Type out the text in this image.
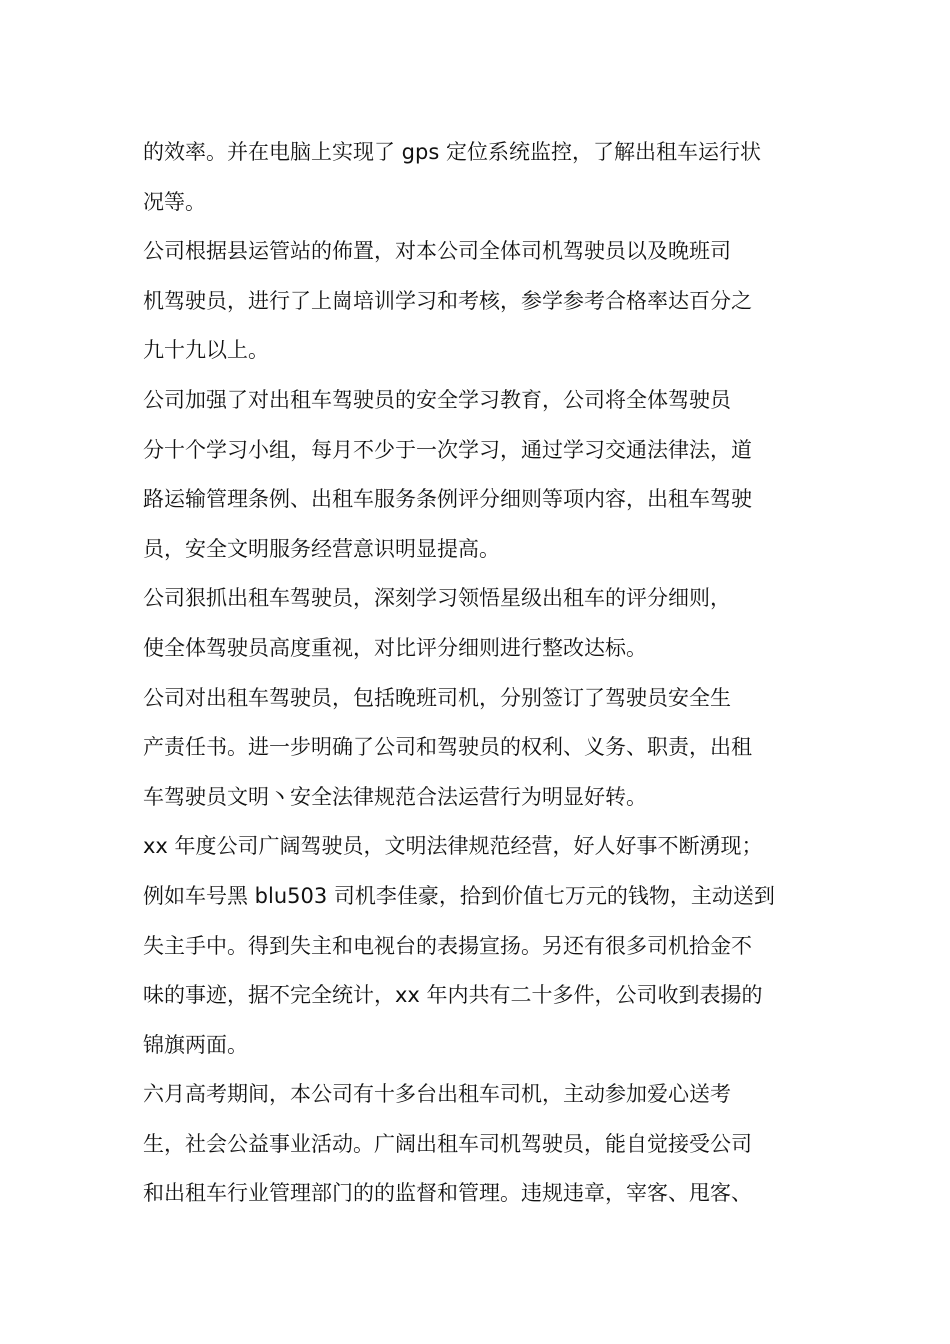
的效率。并在电脑上实现了 gps 定位系统监控，了解出租车运行状
况等。

公司根据县运管站的佈置，对本公司全体司机驾驶员以及晚班司
机驾驶员，进行了上崗培训学习和考核，参学参考合格率达百分之
九十九以上。

公司加强了对出租车驾驶员的安全学习教育，公司将全体驾驶员
分十个学习小组，每月不少于一次学习，通过学习交通法律法，道
路运输管理条例、出租车服务条例评分细则等项内容，出租车驾驶
员，安全文明服务经营意识明显提高。

公司狠抓出租车驾驶员，深刻学习领悟星级出租车的评分细则，
使全体驾驶员高度重视，对比评分细则进行整改达标。

公司对出租车驾驶员，包括晚班司机，分别签订了驾驶员安全生
产责任书。进一步明确了公司和驾驶员的权利、义务、职责，出租
车驾驶员文明丶安全法律规范合法运营行为明显好转。

xx 年度公司广阔驾驶员，文明法律规范经营，好人好事不断湧现；
例如车号黑 blu503 司机李佳豪，拾到价值七万元的钱物，主动送到
失主手中。得到失主和电视台的表揚宣扬。另还有很多司机拾金不
味的事迹，据不完全统计，xx 年内共有二十多件，公司收到表揚的
锦旗两面。

六月高考期间，本公司有十多台出租车司机，主动参加爱心送考
生，社会公益事业活动。广阔出租车司机驾驶员，能自觉接受公司
和出租车行业管理部门的的监督和管理。违规违章，宰客、甩客、
